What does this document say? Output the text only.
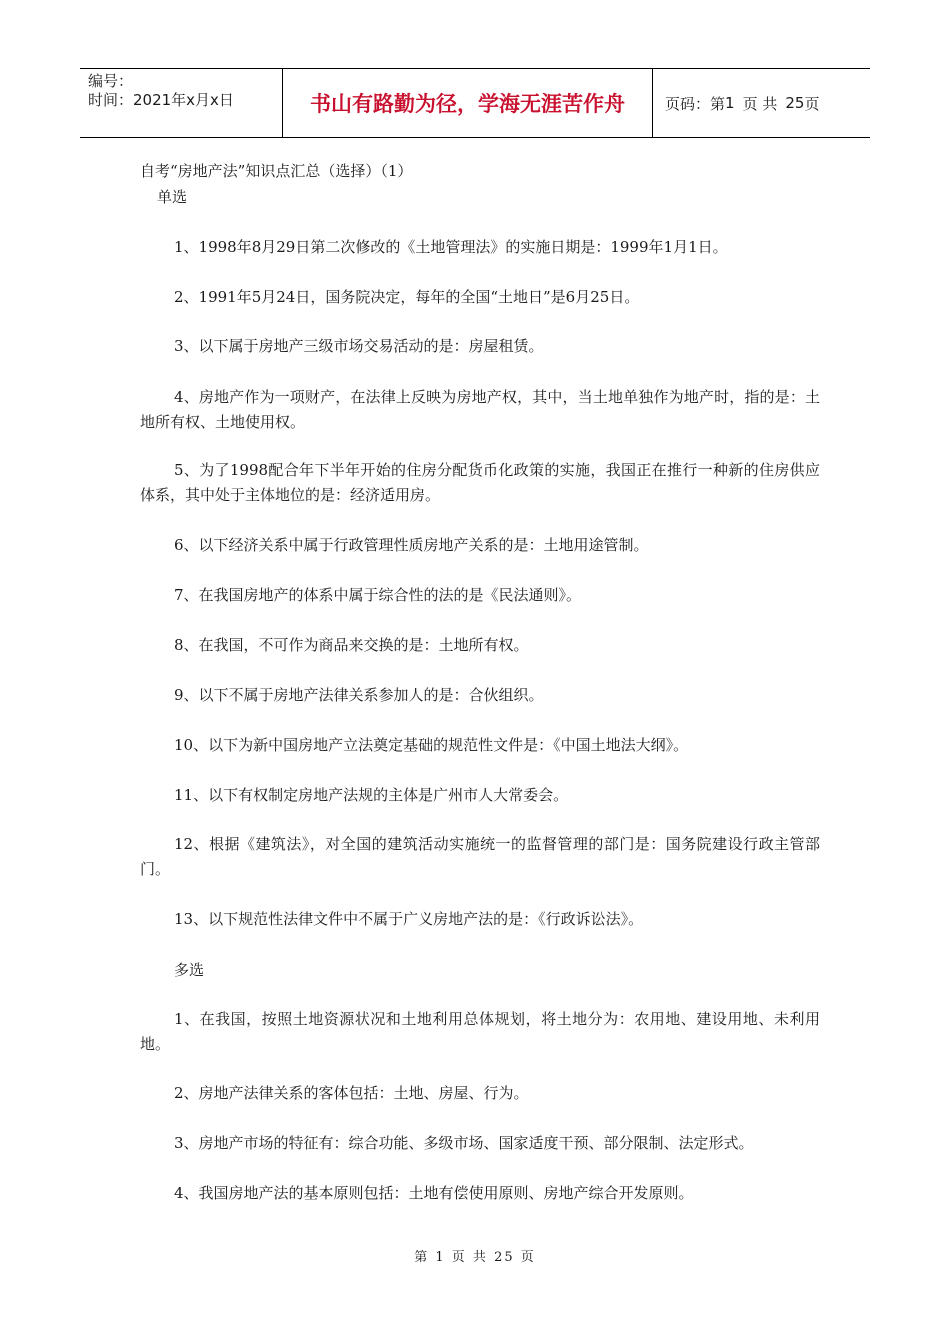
编号：
时间：2021年x月x日	书山有路勤为径，学海无涯苦作舟	页码：第 1 页 共 25 页
自考“房地产法”知识点汇总（选择）（1）
单选
1、1998年8月29日第二次修改的《土地管理法》的实施日期是：1999年1月1日。
2、1991年5月24日，国务院决定，每年的全国“土地日”是6月25日。
3、以下属于房地产三级市场交易活动的是：房屋租赁。
4、房地产作为一项财产，在法律上反映为房地产权，其中，当土地单独作为地产时，指的是：土地所有权、土地使用权。
5、为了1998配合年下半年开始的住房分配货币化政策的实施，我国正在推行一种新的住房供应体系，其中处于主体地位的是：经济适用房。
6、以下经济关系中属于行政管理性质房地产关系的是：土地用途管制。
7、在我国房地产的体系中属于综合性的法的是《民法通则》。
8、在我国，不可作为商品来交换的是：土地所有权。
9、以下不属于房地产法律关系参加人的是：合伙组织。
10、以下为新中国房地产立法奠定基础的规范性文件是：《中国土地法大纲》。
11、以下有权制定房地产法规的主体是广州市人大常委会。
12、根据《建筑法》，对全国的建筑活动实施统一的监督管理的部门是：国务院建设行政主管部门。
13、以下规范性法律文件中不属于广义房地产法的是：《行政诉讼法》。
多选
1、在我国，按照土地资源状况和土地利用总体规划，将土地分为：农用地、建设用地、未利用地。
2、房地产法律关系的客体包括：土地、房屋、行为。
3、房地产市场的特征有：综合功能、多级市场、国家适度干预、部分限制、法定形式。
4、我国房地产法的基本原则包括：土地有偿使用原则、房地产综合开发原则。
第 1 页 共 25 页
